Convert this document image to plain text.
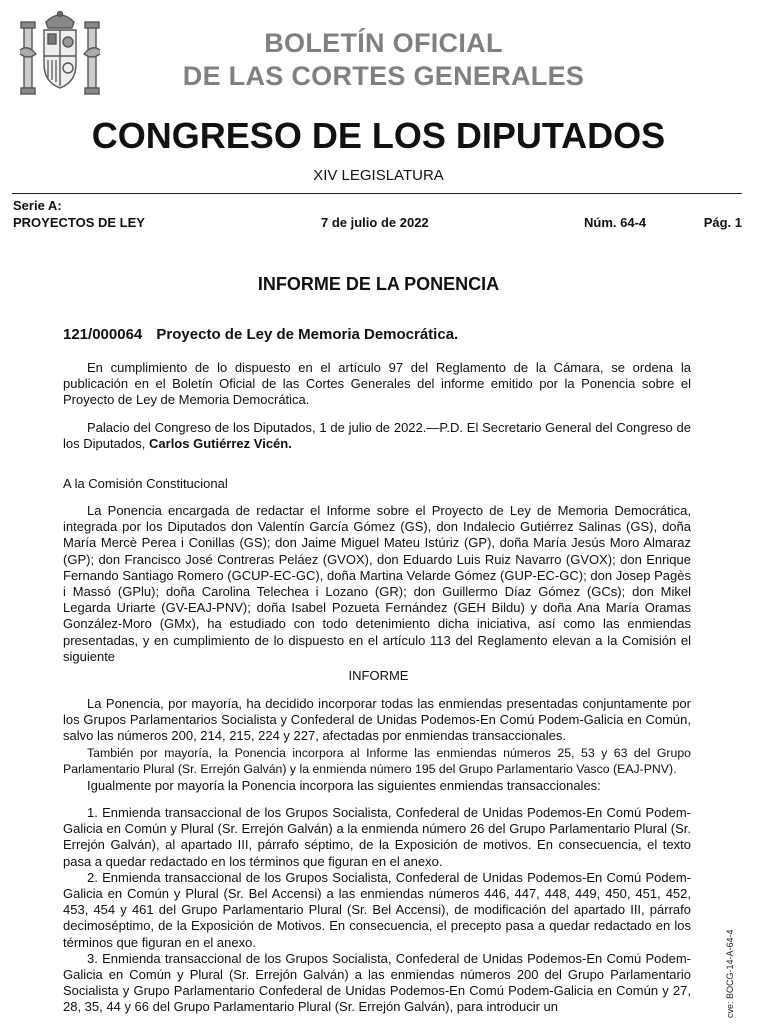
BOLETÍN OFICIAL
DE LAS CORTES GENERALES
CONGRESO DE LOS DIPUTADOS
XIV LEGISLATURA
Serie A:
PROYECTOS DE LEY	7 de julio de 2022	Núm. 64-4	Pág. 1
INFORME DE LA PONENCIA
121/000064 Proyecto de Ley de Memoria Democrática.

En cumplimiento de lo dispuesto en el artículo 97 del Reglamento de la Cámara, se ordena la publicación en el Boletín Oficial de las Cortes Generales del informe emitido por la Ponencia sobre el Proyecto de Ley de Memoria Democrática.

Palacio del Congreso de los Diputados, 1 de julio de 2022.—P.D. El Secretario General del Congreso de los Diputados, Carlos Gutiérrez Vicén.

A la Comisión Constitucional

La Ponencia encargada de redactar el Informe sobre el Proyecto de Ley de Memoria Democrática, integrada por los Diputados don Valentín García Gómez (GS), don Indalecio Gutiérrez Salinas (GS), doña María Mercè Perea i Conillas (GS); don Jaime Miguel Mateu Istúriz (GP), doña María Jesús Moro Almaraz (GP); don Francisco José Contreras Peláez (GVOX), don Eduardo Luis Ruiz Navarro (GVOX); don Enrique Fernando Santiago Romero (GCUP-EC-GC), doña Martina Velarde Gómez (GUP-EC-GC); don Josep Pagès i Massó (GPlu); doña Carolina Telechea i Lozano (GR); don Guillermo Díaz Gómez (GCs); don Mikel Legarda Uriarte (GV-EAJ-PNV); doña Isabel Pozueta Fernández (GEH Bildu) y doña Ana María Oramas González-Moro (GMx), ha estudiado con todo detenimiento dicha iniciativa, así como las enmiendas presentadas, y en cumplimiento de lo dispuesto en el artículo 113 del Reglamento elevan a la Comisión el siguiente

INFORME

La Ponencia, por mayoría, ha decidido incorporar todas las enmiendas presentadas conjuntamente por los Grupos Parlamentarios Socialista y Confederal de Unidas Podemos-En Comú Podem-Galicia en Común, salvo las números 200, 214, 215, 224 y 227, afectadas por enmiendas transaccionales.

También por mayoría, la Ponencia incorpora al Informe las enmiendas números 25, 53 y 63 del Grupo Parlamentario Plural (Sr. Errejón Galván) y la enmienda número 195 del Grupo Parlamentario Vasco (EAJ-PNV).

Igualmente por mayoría la Ponencia incorpora las siguientes enmiendas transaccionales:

1. Enmienda transaccional de los Grupos Socialista, Confederal de Unidas Podemos-En Comú Podem-Galicia en Común y Plural (Sr. Errejón Galván) a la enmienda número 26 del Grupo Parlamentario Plural (Sr. Errejón Galván), al apartado III, párrafo séptimo, de la Exposición de motivos. En consecuencia, el texto pasa a quedar redactado en los términos que figuran en el anexo.

2. Enmienda transaccional de los Grupos Socialista, Confederal de Unidas Podemos-En Comú Podem-Galicia en Común y Plural (Sr. Bel Accensi) a las enmiendas números 446, 447, 448, 449, 450, 451, 452, 453, 454 y 461 del Grupo Parlamentario Plural (Sr. Bel Accensi), de modificación del apartado III, párrafo decimoséptimo, de la Exposición de Motivos. En consecuencia, el precepto pasa a quedar redactado en los términos que figuran en el anexo.

3. Enmienda transaccional de los Grupos Socialista, Confederal de Unidas Podemos-En Comú Podem-Galicia en Común y Plural (Sr. Errejón Galván) a las enmiendas números 200 del Grupo Parlamentario Socialista y Grupo Parlamentario Confederal de Unidas Podemos-En Comú Podem-Galicia en Común y 27, 28, 35, 44 y 66 del Grupo Parlamentario Plural (Sr. Errejón Galván), para introducir un	cve: BOCG-14-A-64-4
